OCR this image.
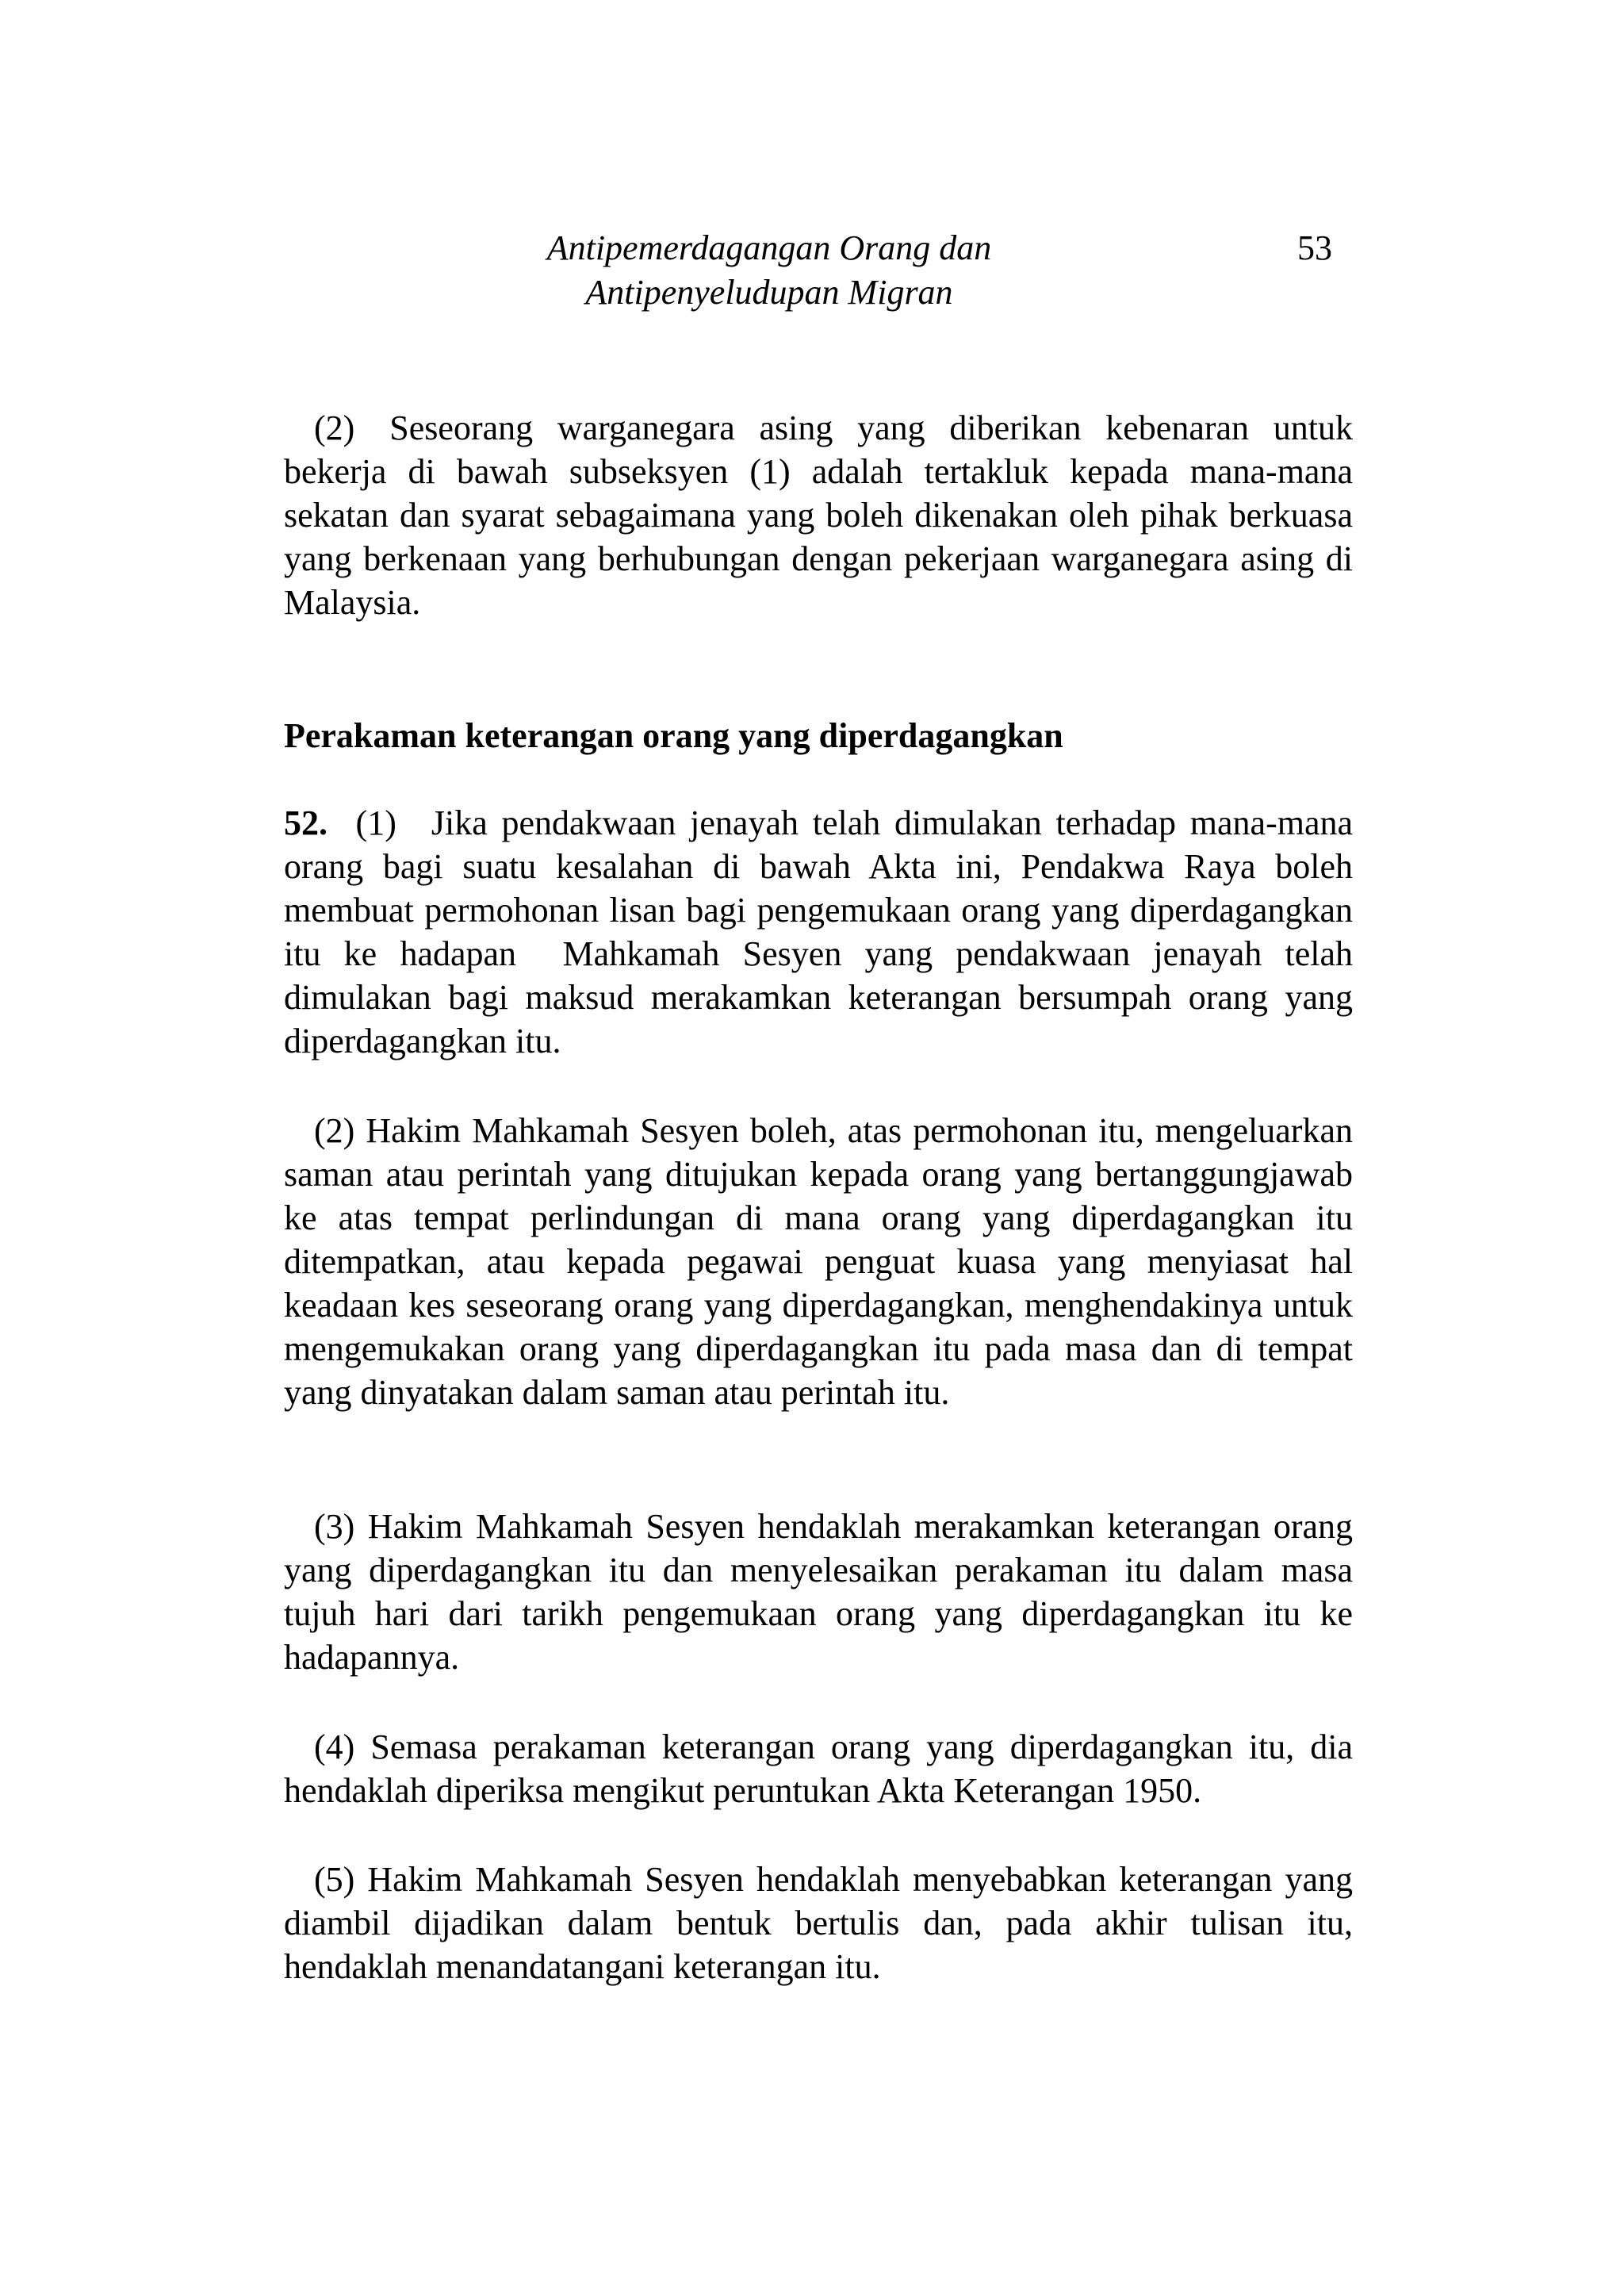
Antipemerdagangan Orang dan
Antipenyeludupan Migran
53

(2) Seseorang warganegara asing yang diberikan kebenaran untuk bekerja di bawah subseksyen (1) adalah tertakluk kepada mana-mana sekatan dan syarat sebagaimana yang boleh dikenakan oleh pihak berkuasa yang berkenaan yang berhubungan dengan pekerjaan warganegara asing di Malaysia.

Perakaman keterangan orang yang diperdagangkan

52. (1) Jika pendakwaan jenayah telah dimulakan terhadap mana-mana orang bagi suatu kesalahan di bawah Akta ini, Pendakwa Raya boleh membuat permohonan lisan bagi pengemukaan orang yang diperdagangkan itu ke hadapan  Mahkamah Sesyen yang pendakwaan jenayah telah dimulakan bagi maksud merakamkan keterangan bersumpah orang yang diperdagangkan itu.

(2) Hakim Mahkamah Sesyen boleh, atas permohonan itu, mengeluarkan saman atau perintah yang ditujukan kepada orang yang bertanggungjawab ke atas tempat perlindungan di mana orang yang diperdagangkan itu ditempatkan, atau kepada pegawai penguat kuasa yang menyiasat hal keadaan kes seseorang orang yang diperdagangkan, menghendakinya untuk mengemukakan orang yang diperdagangkan itu pada masa dan di tempat yang dinyatakan dalam saman atau perintah itu.

(3) Hakim Mahkamah Sesyen hendaklah merakamkan keterangan orang yang diperdagangkan itu dan menyelesaikan perakaman itu dalam masa tujuh hari dari tarikh pengemukaan orang yang diperdagangkan itu ke hadapannya.

(4) Semasa perakaman keterangan orang yang diperdagangkan itu, dia hendaklah diperiksa mengikut peruntukan Akta Keterangan 1950.

(5) Hakim Mahkamah Sesyen hendaklah menyebabkan keterangan yang diambil dijadikan dalam bentuk bertulis dan, pada akhir tulisan itu, hendaklah menandatangani keterangan itu.
